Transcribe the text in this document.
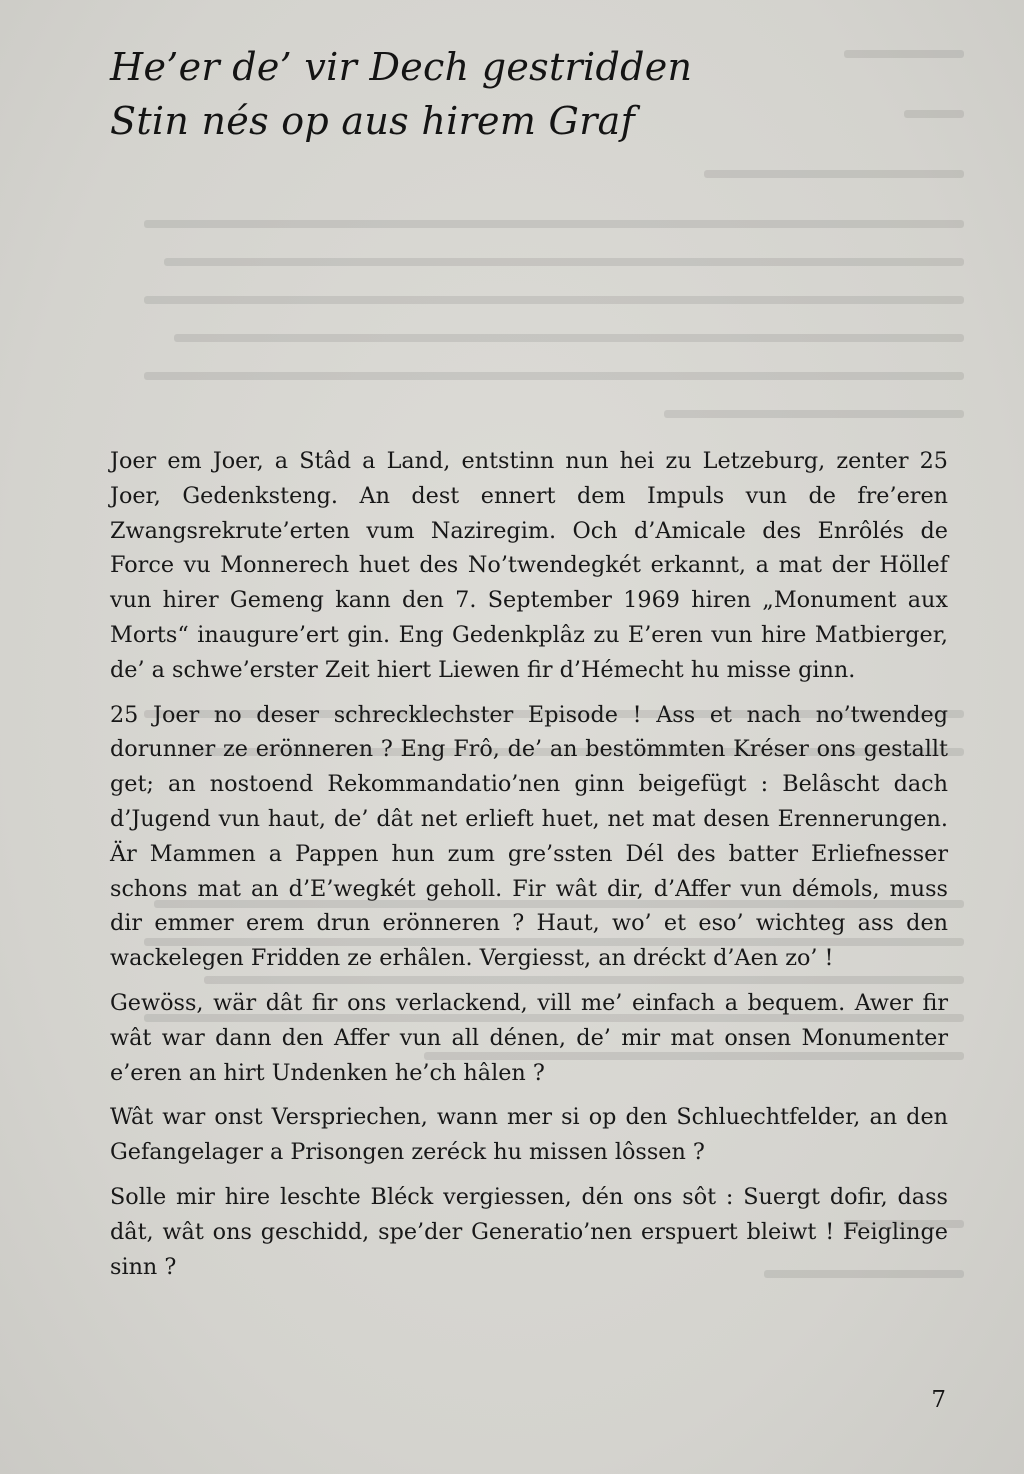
He’er de’ vir Dech gestridden
Stin nés op aus hirem Graf

Joer em Joer, a Stâd a Land, entstinn nun hei zu Letzeburg, zenter 25 Joer, Gedenksteng. An dest ennert dem Impuls vun de fre’eren Zwangsrekrute’erten vum Naziregim. Och d’Amicale des Enrôlés de Force vu Monnerech huet des No’twendegkét erkannt, a mat der Höllef vun hirer Gemeng kann den 7. September 1969 hiren „Monument aux Morts“ inaugure’ert gin. Eng Gedenkplâz zu E’eren vun hire Matbierger, de’ a schwe’erster Zeit hiert Liewen fir d’Hémecht hu misse ginn.

25 Joer no deser schrecklechster Episode ! Ass et nach no’twendeg dorunner ze erönneren ? Eng Frô, de’ an bestömmten Kréser ons gestallt get; an nostoend Rekommandatio’nen ginn beigefügt : Belâscht dach d’Jugend vun haut, de’ dât net erlieft huet, net mat desen Erennerungen. Är Mammen a Pappen hun zum gre’ssten Dél des batter Erliefnesser schons mat an d’E’wegkét geholl. Fir wât dir, d’Affer vun démols, muss dir emmer erem drun erönneren ? Haut, wo’ et eso’ wichteg ass den wackelegen Fridden ze erhâlen. Vergiesst, an dréckt d’Aen zo’ !

Gewöss, wär dât fir ons verlackend, vill me’ einfach a bequem. Awer fir wât war dann den Affer vun all dénen, de’ mir mat onsen Monumenter e’eren an hirt Undenken he’ch hâlen ?

Wât war onst Verspriechen, wann mer si op den Schluechtfelder, an den Gefangelager a Prisongen zeréck hu missen lôssen ?

Solle mir hire leschte Bléck vergiessen, dén ons sôt : Suergt dofir, dass dât, wât ons geschidd, spe’der Generatio’nen erspuert bleiwt ! Feiglinge sinn ?

7
